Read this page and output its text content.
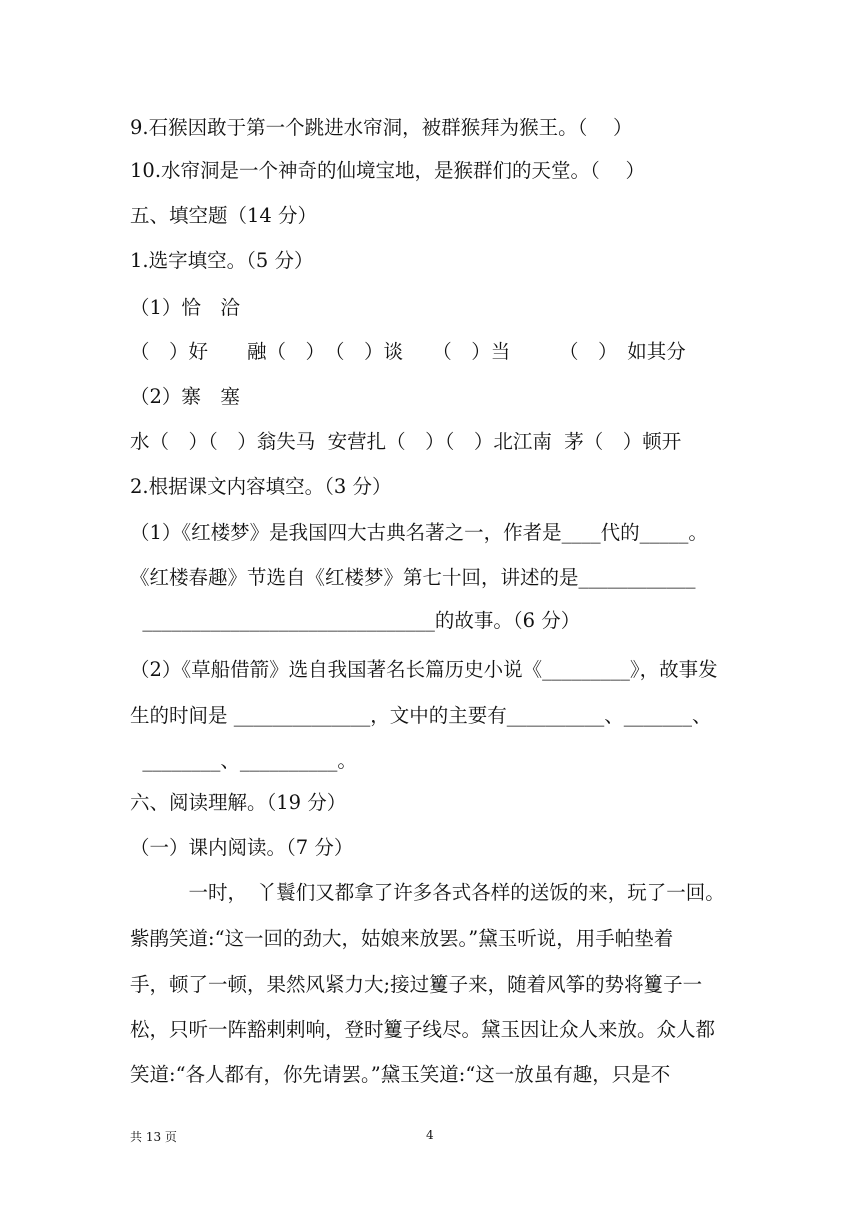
9.石猴因敢于第一个跳进水帘洞，被群猴拜为猴王。（　 ）
10.水帘洞是一个神奇的仙境宝地，是猴群们的天堂。（　 ）
五、填空题（14 分）
1.选字填空。（5 分）
（1）恰　洽
（　）好　　融（　）　（　）谈　　（　）当　　　（　）　如其分
（2）寨　塞
水（　）（　）翁失马  安营扎（　）（　）北江南  茅（　）顿开
2.根据课文内容填空。（3 分）
（1）《红楼梦》是我国四大古典名著之一，作者是____代的_____。
《红楼春趣》节选自《红楼梦》第七十回，讲述的是____________
______________________________的故事。（6 分）
（2）《草船借箭》选自我国著名长篇历史小说《_________》，故事发
生的时间是 ______________，文中的主要有__________、_______、
________、__________。
六、阅读理解。（19 分）
（一）课内阅读。（7 分）
　　　一时，　丫鬟们又都拿了许多各式各样的送饭的来，玩了一回。
紫鹃笑道:“这一回的劲大，姑娘来放罢。”黛玉听说，用手帕垫着
手，顿了一顿，果然风紧力大;接过籰子来，随着风筝的势将籰子一
松，只听一阵豁剌剌响，登时籰子线尽。黛玉因让众人来放。众人都
笑道:“各人都有，你先请罢。”黛玉笑道:“这一放虽有趣，只是不
共 13 页	4
